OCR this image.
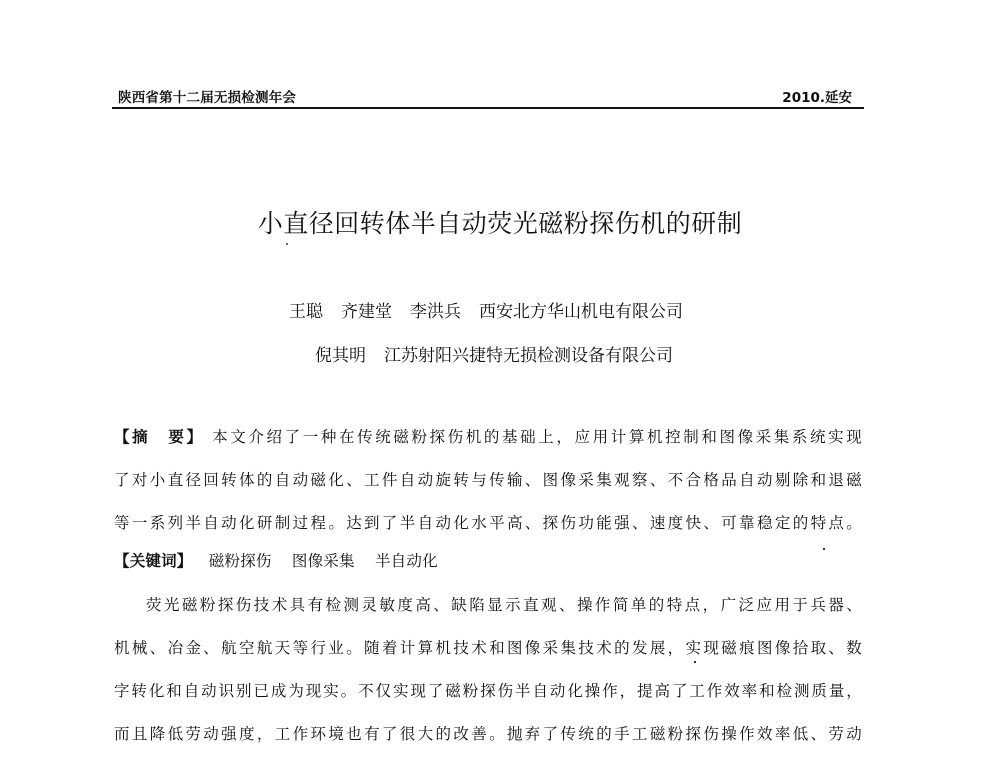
陕西省第十二届无损检测年会	2010.延安
小直径回转体半自动荧光磁粉探伤机的研制
王聪 齐建堂 李洪兵 西安北方华山机电有限公司
倪其明 江苏射阳兴捷特无损检测设备有限公司
【摘　要】 本文介绍了一种在传统磁粉探伤机的基础上，应用计算机控制和图像采集系统实现
了对小直径回转体的自动磁化、工件自动旋转与传输、图像采集观察、不合格品自动剔除和退磁
等一系列半自动化研制过程。达到了半自动化水平高、探伤功能强、速度快、可靠稳定的特点。
【关键词】 磁粉探伤 图像采集 半自动化
荧光磁粉探伤技术具有检测灵敏度高、缺陷显示直观、操作简单的特点，广泛应用于兵器、
机械、冶金、航空航天等行业。随着计算机技术和图像采集技术的发展，实现磁痕图像拾取、数
字转化和自动识别已成为现实。不仅实现了磁粉探伤半自动化操作，提高了工作效率和检测质量，
而且降低劳动强度，工作环境也有了很大的改善。抛弃了传统的手工磁粉探伤操作效率低、劳动
